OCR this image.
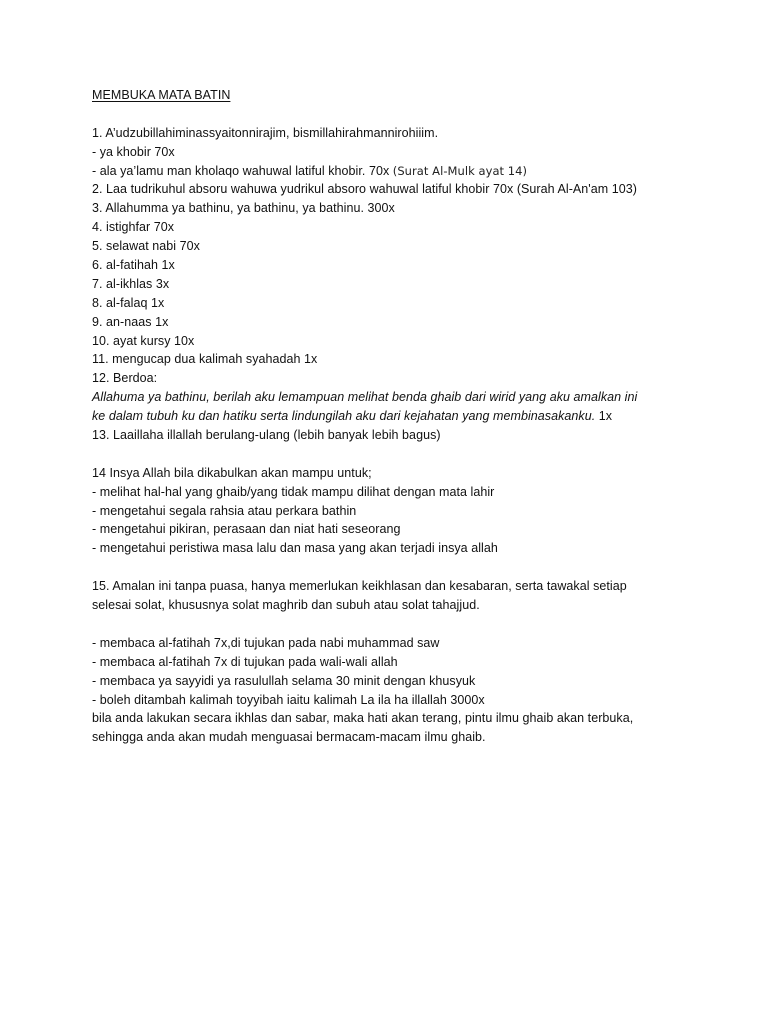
MEMBUKA MATA BATIN
1. A’udzubillahiminassyaitonnirajim, bismillahirahmannirohiiim.
- ya khobir 70x
- ala ya’lamu man kholaqo wahuwal latiful khobir. 70x (Surat Al-Mulk ayat 14)
2. Laa tudrikuhul absoru wahuwa yudrikul absoro wahuwal latiful khobir 70x (Surah Al-An'am 103)
3. Allahumma ya bathinu, ya bathinu, ya bathinu. 300x
4. istighfar 70x
5. selawat nabi 70x
6. al-fatihah 1x
7. al-ikhlas 3x
8. al-falaq 1x
9. an-naas 1x
10. ayat kursy 10x
11. mengucap dua kalimah syahadah 1x
12. Berdoa:
Allahuma ya bathinu, berilah aku lemampuan melihat benda ghaib dari wirid yang aku amalkan ini
ke dalam tubuh ku dan hatiku serta lindungilah aku dari kejahatan yang membinasakanku. 1x
13. Laaillaha illallah berulang-ulang (lebih banyak lebih bagus)
14 Insya Allah bila dikabulkan akan mampu untuk;
- melihat hal-hal yang ghaib/yang tidak mampu dilihat dengan mata lahir
- mengetahui segala rahsia atau perkara bathin
- mengetahui pikiran, perasaan dan niat hati seseorang
- mengetahui peristiwa masa lalu dan masa yang akan terjadi insya allah
15. Amalan ini tanpa puasa, hanya memerlukan keikhlasan dan kesabaran, serta tawakal setiap
selesai solat, khususnya solat maghrib dan subuh atau solat tahajjud.
- membaca al-fatihah 7x,di tujukan pada nabi muhammad saw
- membaca al-fatihah 7x di tujukan pada wali-wali allah
- membaca ya sayyidi ya rasulullah selama 30 minit dengan khusyuk
- boleh ditambah kalimah toyyibah iaitu kalimah La ila ha illallah 3000x
bila anda lakukan secara ikhlas dan sabar, maka hati akan terang, pintu ilmu ghaib akan terbuka,
sehingga anda akan mudah menguasai bermacam-macam ilmu ghaib.
